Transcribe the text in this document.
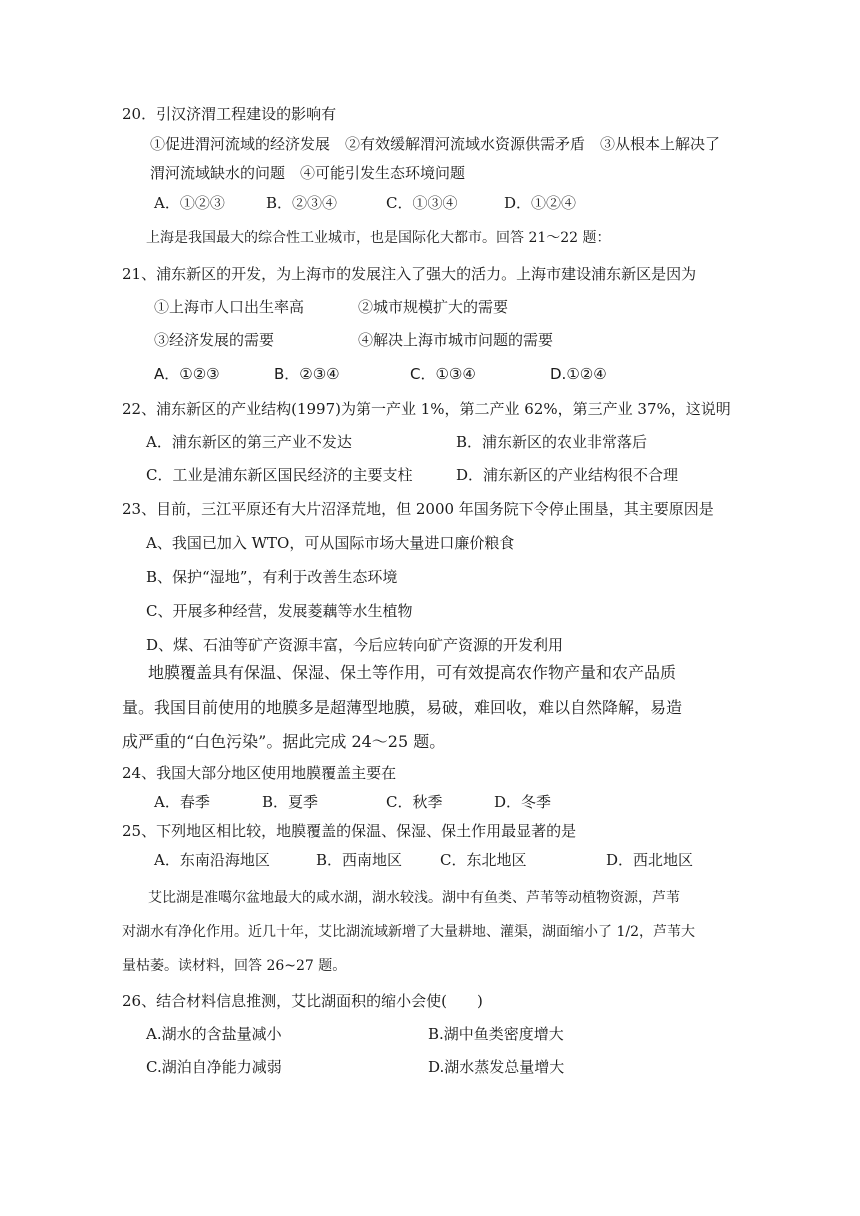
20．引汉济渭工程建设的影响有
①促进渭河流域的经济发展　②有效缓解渭河流域水资源供需矛盾　③从根本上解决了
渭河流域缺水的问题　④可能引发生态环境问题
A．①②③	B．②③④	C．①③④	D．①②④
上海是我国最大的综合性工业城市，也是国际化大都市。回答 21～22 题：
21、浦东新区的开发，为上海市的发展注入了强大的活力。上海市建设浦东新区是因为
①上海市人口出生率高	②城市规模扩大的需要
③经济发展的需要	④解决上海市城市问题的需要
A．①②③	B．②③④	C．①③④	D.①②④
22、浦东新区的产业结构(1997)为第一产业 1%，第二产业 62%，第三产业 37%，这说明
A．浦东新区的第三产业不发达	B．浦东新区的农业非常落后
C．工业是浦东新区国民经济的主要支柱	D．浦东新区的产业结构很不合理
23、目前，三江平原还有大片沼泽荒地，但 2000 年国务院下令停止围垦，其主要原因是
A、我国已加入 WTO，可从国际市场大量进口廉价粮食
B、保护“湿地”，有利于改善生态环境
C、开展多种经营，发展菱藕等水生植物
D、煤、石油等矿产资源丰富，今后应转向矿产资源的开发利用
地膜覆盖具有保温、保湿、保土等作用，可有效提高农作物产量和农产品质
量。我国目前使用的地膜多是超薄型地膜，易破，难回收，难以自然降解，易造
成严重的“白色污染”。据此完成 24～25 题。
24、我国大部分地区使用地膜覆盖主要在
A．春季	B．夏季	C．秋季	D．冬季
25、下列地区相比较，地膜覆盖的保温、保湿、保土作用最显著的是
A．东南沿海地区	B．西南地区	C．东北地区	D．西北地区
艾比湖是准噶尔盆地最大的咸水湖，湖水较浅。湖中有鱼类、芦苇等动植物资源，芦苇
对湖水有净化作用。近几十年，艾比湖流域新增了大量耕地、灌渠，湖面缩小了 1/2，芦苇大
量枯萎。读材料，回答 26~27 题。
26、结合材料信息推测，艾比湖面积的缩小会使(　　)
A.湖水的含盐量减小	B.湖中鱼类密度增大
C.湖泊自净能力减弱	D.湖水蒸发总量增大
